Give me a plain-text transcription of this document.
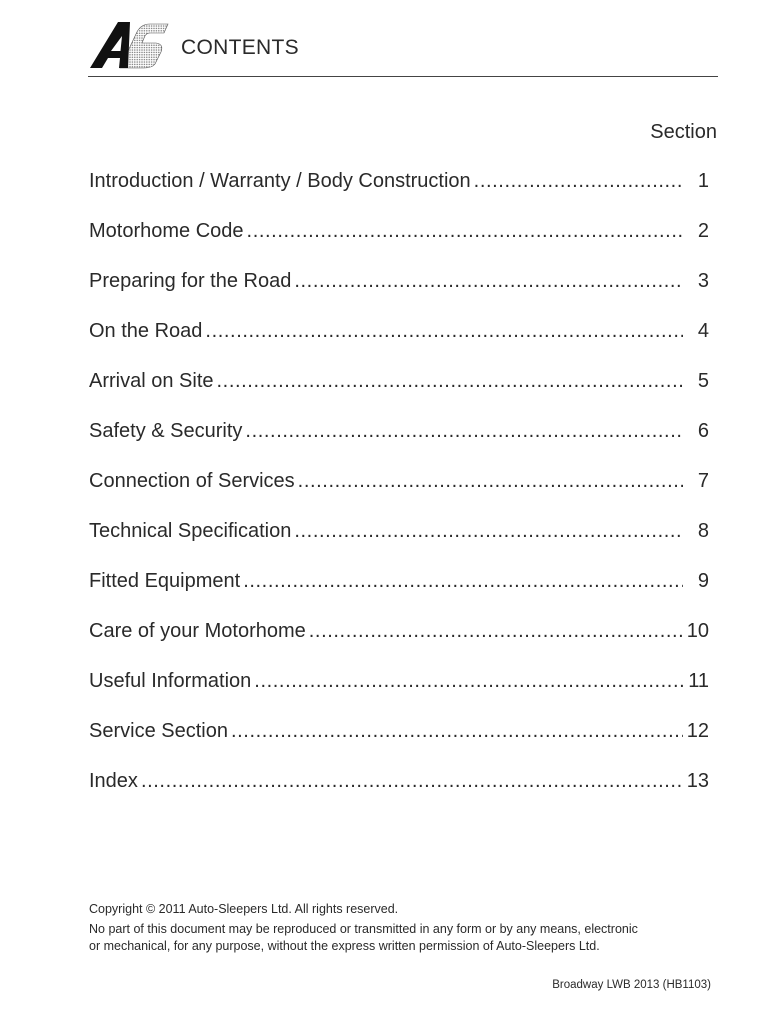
CONTENTS
Section
Introduction / Warranty / Body Construction .....	1
Motorhome Code .....	2
Preparing for the Road .....	3
On the Road .....	4
Arrival on Site .....	5
Safety & Security .....	6
Connection of Services .....	7
Technical Specification .....	8
Fitted Equipment .....	9
Care of your Motorhome .....	10
Useful Information .....	11
Service Section .....	12
Index .....	13
Copyright © 2011 Auto-Sleepers Ltd. All rights reserved.
No part of this document may be reproduced or transmitted in any form or by any means, electronic
or mechanical, for any purpose, without the express written permission of Auto-Sleepers Ltd.
Broadway LWB 2013 (HB1103)
